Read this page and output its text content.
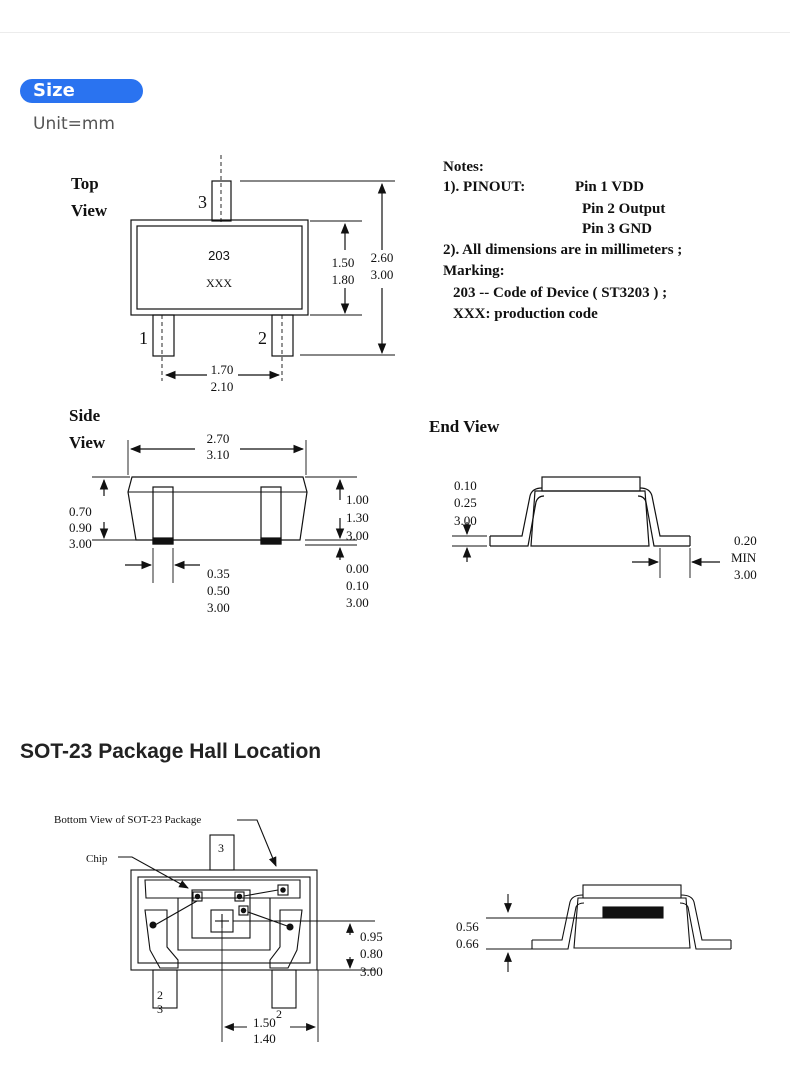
Size
Unit=mm
SOT-23 Package Hall Location
Top
View	3
203
XXX
1	2
1.70
2.10
1.50
1.80
2.60
3.00
Notes:
1). PINOUT:	Pin 1 VDD
Pin 2 Output
Pin 3 GND
2). All dimensions are in millimeters ;
Marking:
203 -- Code of Device ( ST3203 ) ;
XXX: production code
Side
View	2.70
3.10
0.70
0.90
3.00
1.00
1.30
3.00
0.00
0.10
3.00
0.35
0.50
3.00
End View
0.10
0.25
3.00
0.20
MIN
3.00
Bottom View of SOT-23 Package
Chip
3
2
3	2
0.95
0.80
3.00
1.50
1.40
0.56
0.66
